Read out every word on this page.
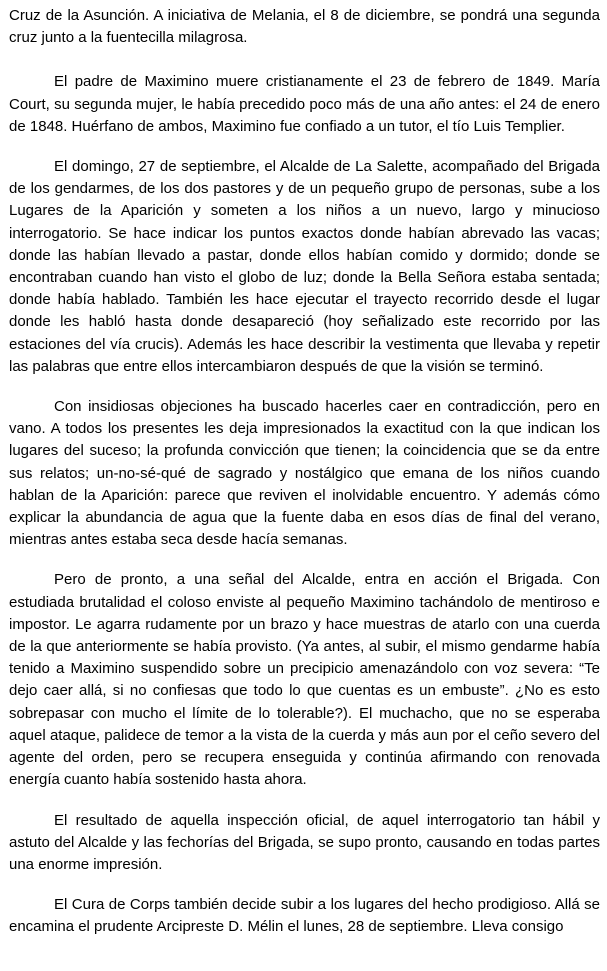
Cruz de la Asunción. A iniciativa de Melania, el 8 de diciembre, se pondrá una segunda cruz junto a la fuentecilla milagrosa.

El padre de Maximino muere cristianamente el 23 de febrero de 1849. María Court, su segunda mujer, le había precedido poco más de una año antes: el 24 de enero de 1848. Huérfano de ambos, Maximino fue confiado a un tutor, el tío Luis Templier.

El domingo, 27 de septiembre, el Alcalde de La Salette, acompañado del Brigada de los gendarmes, de los dos pastores y de un pequeño grupo de personas, sube a los Lugares de la Aparición y someten a los niños a un nuevo, largo y minucioso interrogatorio. Se hace indicar los puntos exactos donde habían abrevado las vacas; donde las habían llevado a pastar, donde ellos habían comido y dormido; donde se encontraban cuando han visto el globo de luz; donde la Bella Señora estaba sentada; donde había hablado. También les hace ejecutar el trayecto recorrido desde el lugar donde les habló hasta donde desapareció (hoy señalizado este recorrido por las estaciones del vía crucis). Además les hace describir la vestimenta que llevaba y repetir las palabras que entre ellos intercambiaron después de que la visión se terminó.

Con insidiosas objeciones ha buscado hacerles caer en contradicción, pero en vano. A todos los presentes les deja impresionados la exactitud con la que indican los lugares del suceso; la profunda convicción que tienen; la coincidencia que se da entre sus relatos; un-no-sé-qué de sagrado y nostálgico que emana de los niños cuando hablan de la Aparición: parece que reviven el inolvidable encuentro. Y además cómo explicar la abundancia de agua que la fuente daba en esos días de final del verano, mientras antes estaba seca desde hacía semanas.

Pero de pronto, a una señal del Alcalde, entra en acción el Brigada. Con estudiada brutalidad el coloso enviste al pequeño Maximino tachándolo de mentiroso e impostor. Le agarra rudamente por un brazo y hace muestras de atarlo con una cuerda de la que anteriormente se había provisto. (Ya antes, al subir, el mismo gendarme había tenido a Maximino suspendido sobre un precipicio amenazándolo con voz severa: “Te dejo caer allá, si no confiesas que todo lo que cuentas es un embuste”. ¿No es esto sobrepasar con mucho el límite de lo tolerable?). El muchacho, que no se esperaba aquel ataque, palidece de temor a la vista de la cuerda y más aun por el ceño severo del agente del orden, pero se recupera enseguida y continúa afirmando con renovada energía cuanto había sostenido hasta ahora.

El resultado de aquella inspección oficial, de aquel interrogatorio tan hábil y astuto del Alcalde y las fechorías del Brigada, se supo pronto, causando en todas partes una enorme impresión.

El Cura de Corps también decide subir a los lugares del hecho prodigioso. Allá se encamina el prudente Arcipreste D. Mélin el lunes, 28 de septiembre. Lleva consigo
